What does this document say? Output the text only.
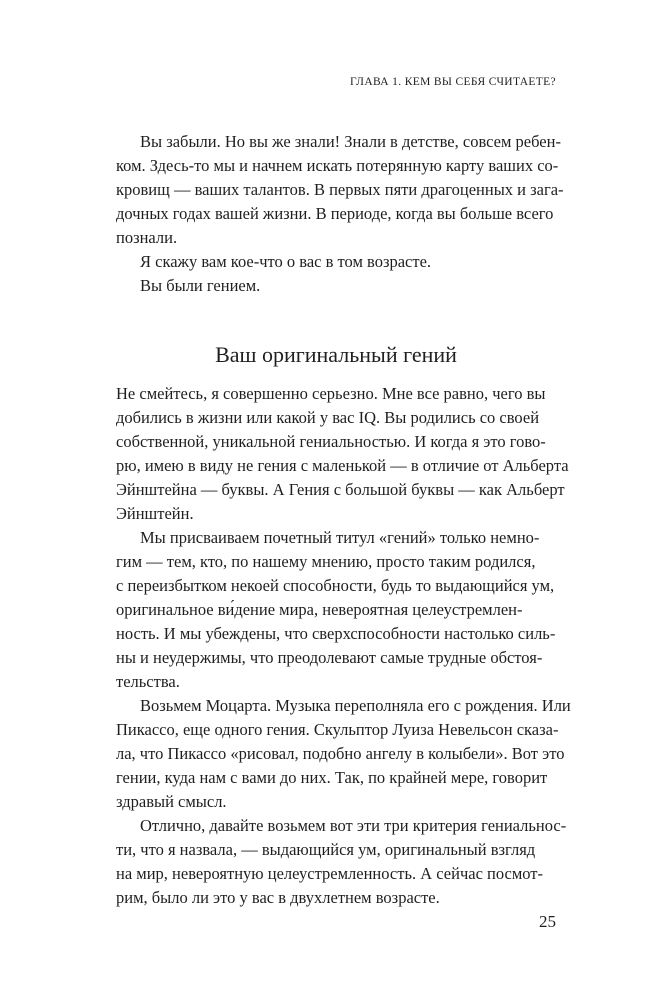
ГЛАВА 1. КЕМ ВЫ СЕБЯ СЧИТАЕТЕ?
Вы забыли. Но вы же знали! Знали в детстве, совсем ребен-
ком. Здесь-то мы и начнем искать потерянную карту ваших со-
кровищ — ваших талантов. В первых пяти драгоценных и зага-
дочных годах вашей жизни. В периоде, когда вы больше всего
познали.
Я скажу вам кое-что о вас в том возрасте.
Вы были гением.
Ваш оригинальный гений
Не смейтесь, я совершенно серьезно. Мне все равно, чего вы
добились в жизни или какой у вас IQ. Вы родились со своей
собственной, уникальной гениальностью. И когда я это гово-
рю, имею в виду не гения с маленькой — в отличие от Альберта
Эйнштейна — буквы. А Гения с большой буквы — как Альберт
Эйнштейн.
Мы присваиваем почетный титул «гений» только немно-
гим — тем, кто, по нашему мнению, просто таким родился,
с переизбытком некоей способности, будь то выдающийся ум,
оригинальное ви́дение мира, невероятная целеустремлен-
ность. И мы убеждены, что сверхспособности настолько силь-
ны и неудержимы, что преодолевают самые трудные обстоя-
тельства.
Возьмем Моцарта. Музыка переполняла его с рождения. Или
Пикассо, еще одного гения. Скульптор Луиза Невельсон сказа-
ла, что Пикассо «рисовал, подобно ангелу в колыбели». Вот это
гении, куда нам с вами до них. Так, по крайней мере, говорит
здравый смысл.
Отлично, давайте возьмем вот эти три критерия гениальнос-
ти, что я назвала, — выдающийся ум, оригинальный взгляд
на мир, невероятную целеустремленность. А сейчас посмот-
рим, было ли это у вас в двухлетнем возрасте.
25
